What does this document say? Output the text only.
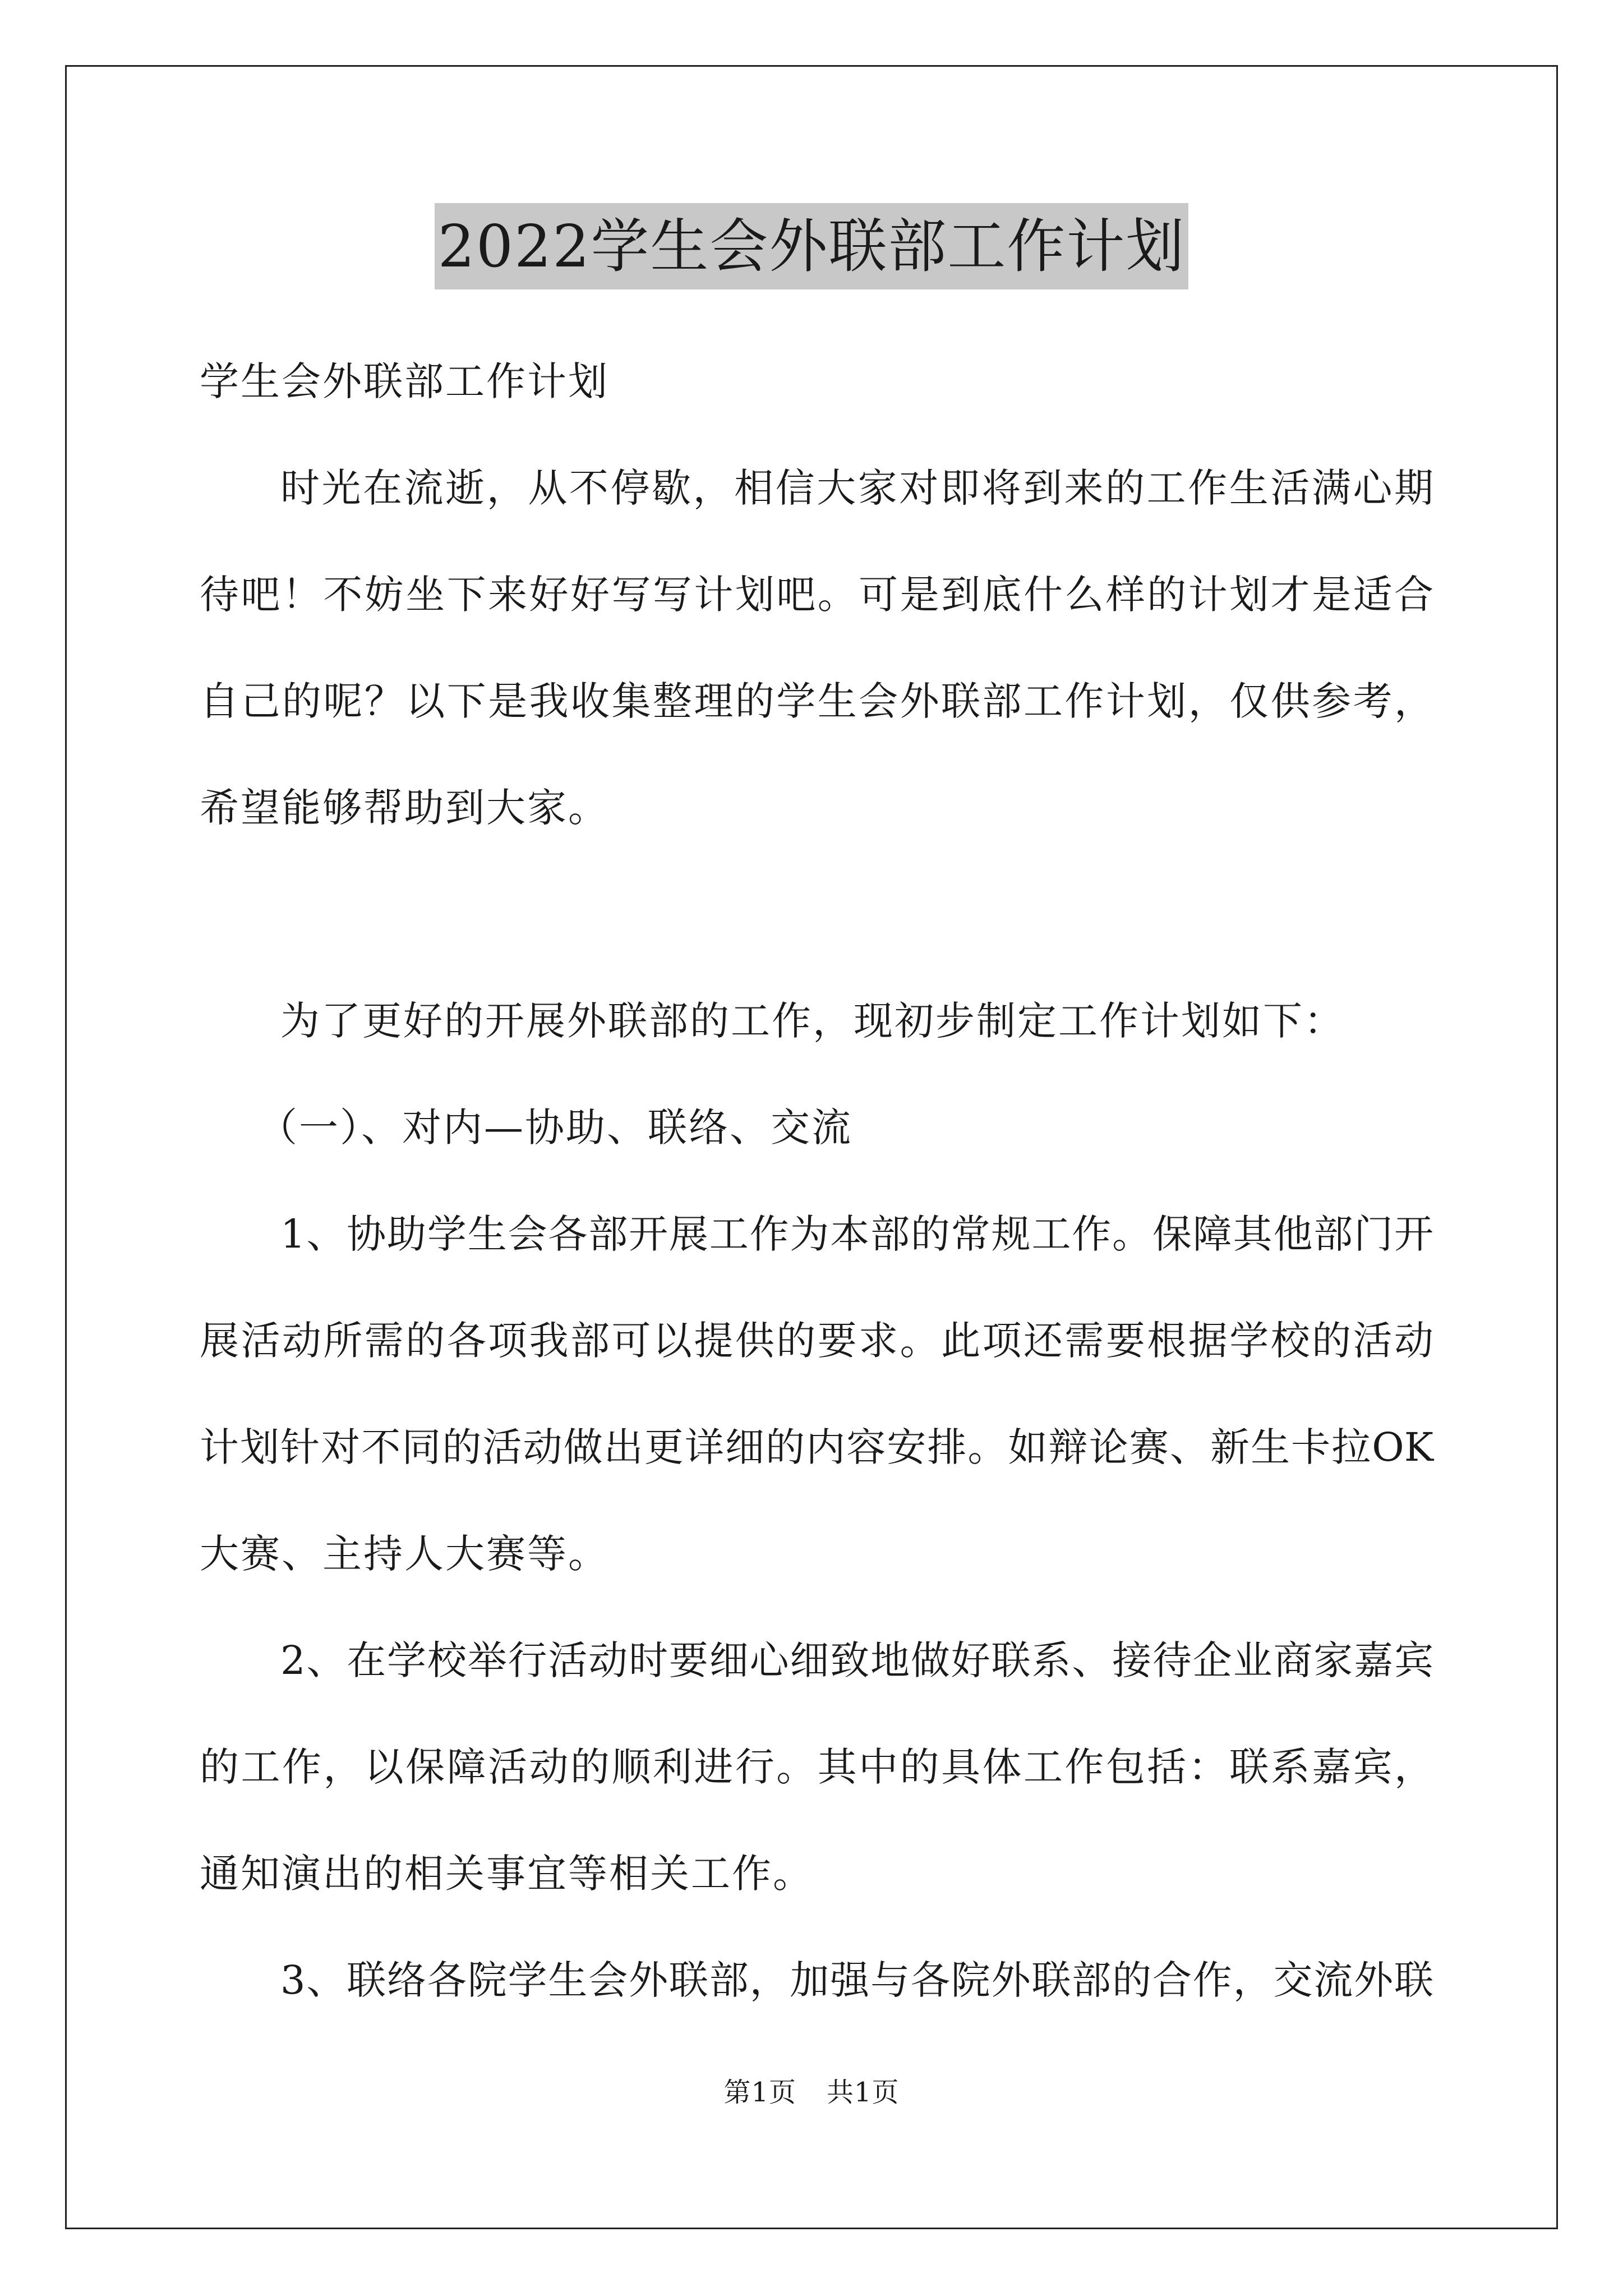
2022学生会外联部工作计划
学生会外联部工作计划
时光在流逝，从不停歇，相信大家对即将到来的工作生活满心期
待吧！不妨坐下来好好写写计划吧。可是到底什么样的计划才是适合
自己的呢？以下是我收集整理的学生会外联部工作计划，仅供参考，
希望能够帮助到大家。
为了更好的开展外联部的工作，现初步制定工作计划如下：
（一）、对内—协助、联络、交流
1、协助学生会各部开展工作为本部的常规工作。保障其他部门开
展活动所需的各项我部可以提供的要求。此项还需要根据学校的活动
计划针对不同的活动做出更详细的内容安排。如辩论赛、新生卡拉OK
大赛、主持人大赛等。
2、在学校举行活动时要细心细致地做好联系、接待企业商家嘉宾
的工作，以保障活动的顺利进行。其中的具体工作包括：联系嘉宾，
通知演出的相关事宜等相关工作。
3、联络各院学生会外联部，加强与各院外联部的合作，交流外联
第1页 共1页
